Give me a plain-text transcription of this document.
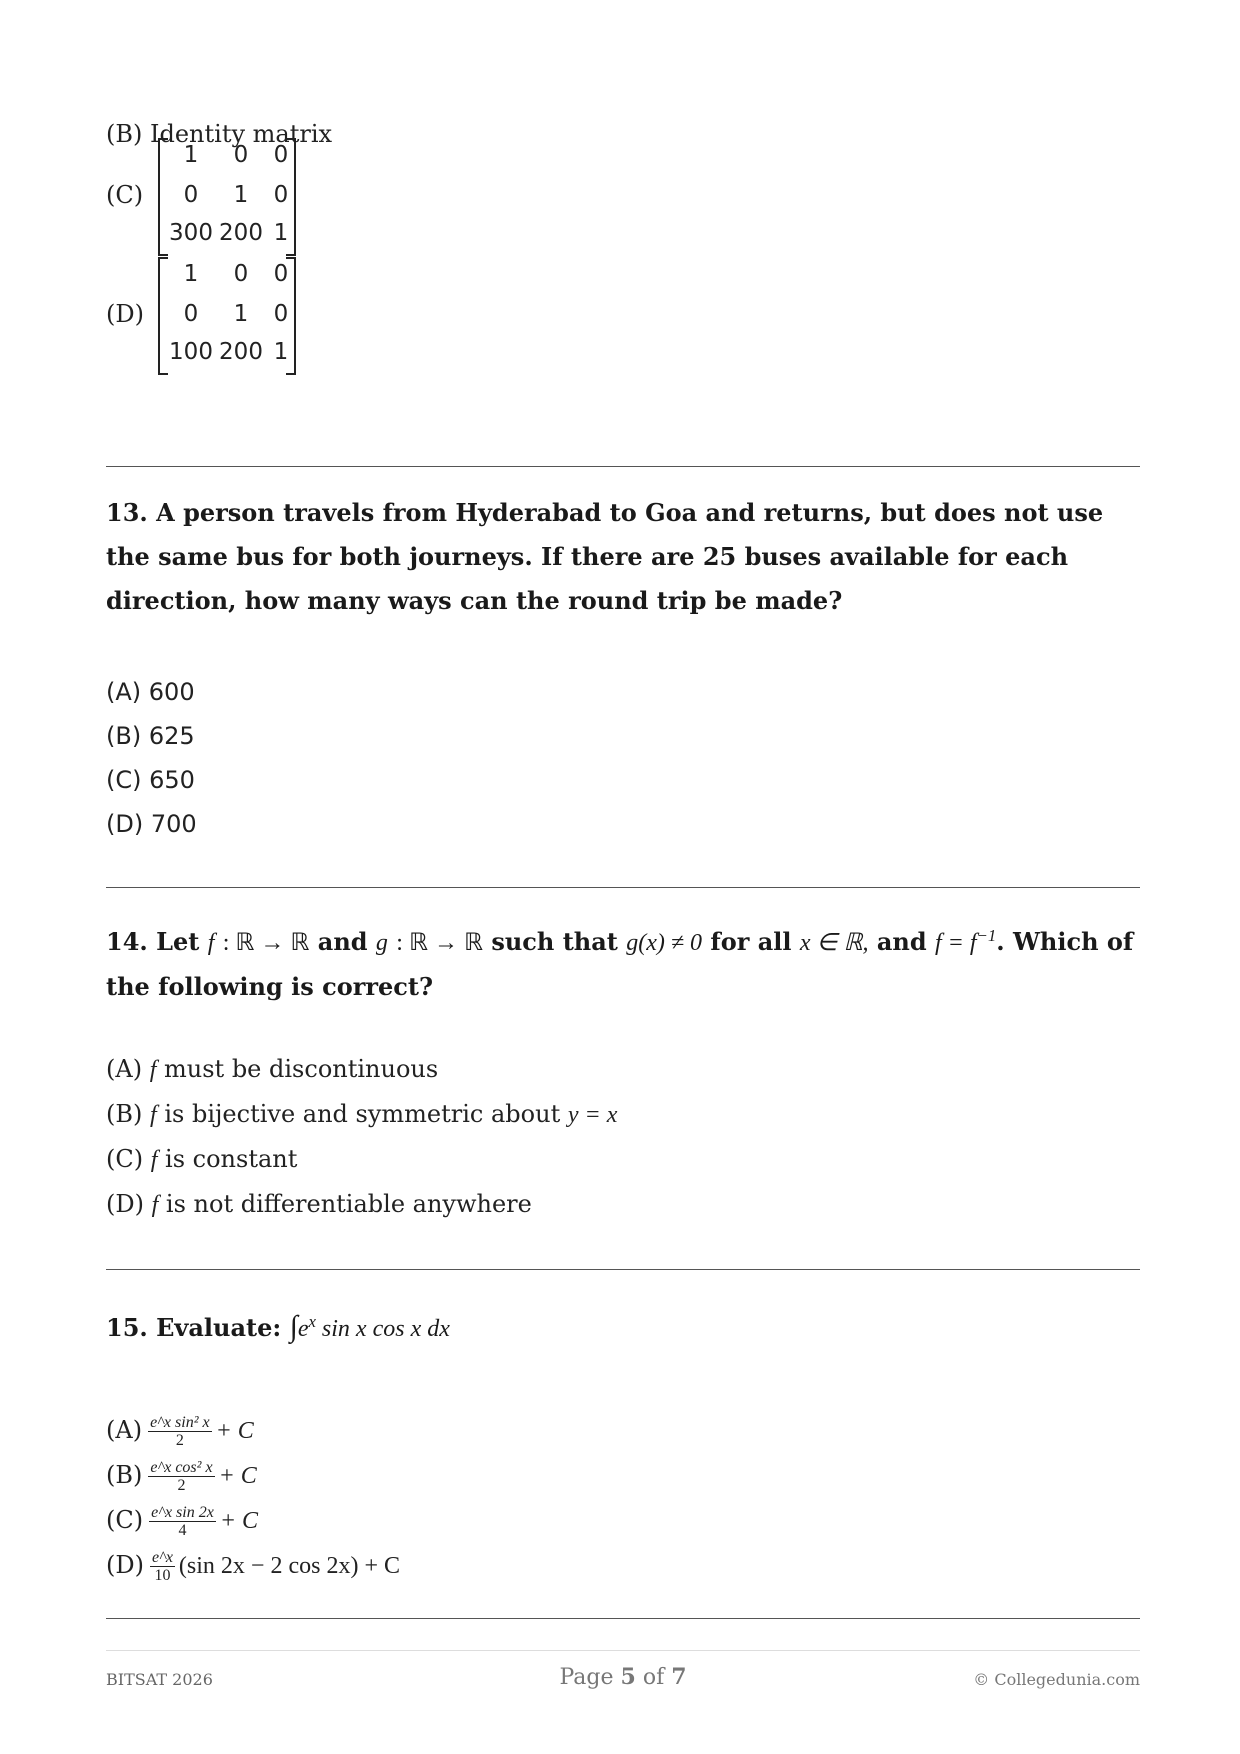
(B) Identity matrix
(C)
1	0	0
0	1	0
300 200 1
(D)
1	0	0
0	1	0
100 200 1
13. A person travels from Hyderabad to Goa and returns, but does not use the same bus for both journeys. If there are 25 buses available for each direction, how many ways can the round trip be made?
(A) 600
(B) 625
(C) 650
(D) 700
14. Let f : ℝ → ℝ and g : ℝ → ℝ such that g(x) ≠ 0 for all x ∈ ℝ, and $f = f^{-1}$. Which of the following is correct?
(A) f must be discontinuous
(B) f is bijective and symmetric about y = x
(C) f is constant
(D) f is not differentiable anywhere
15. Evaluate: $\int e^x$ sin x cos x dx
$(A) \frac{\text{e\textasciicircum{}x sin² x}}{2} + C$
$(B) \frac{\text{e\textasciicircum{}x cos² x}}{2} + C$
$(C) \frac{\text{e\textasciicircum{}x sin 2x}}{4} + C$
$(D) \frac{e\^{}x}{10} (\sin$ 2x − 2 cos 2x) + C
BITSAT 2026	Page 5 of 7	© Collegedunia.com
